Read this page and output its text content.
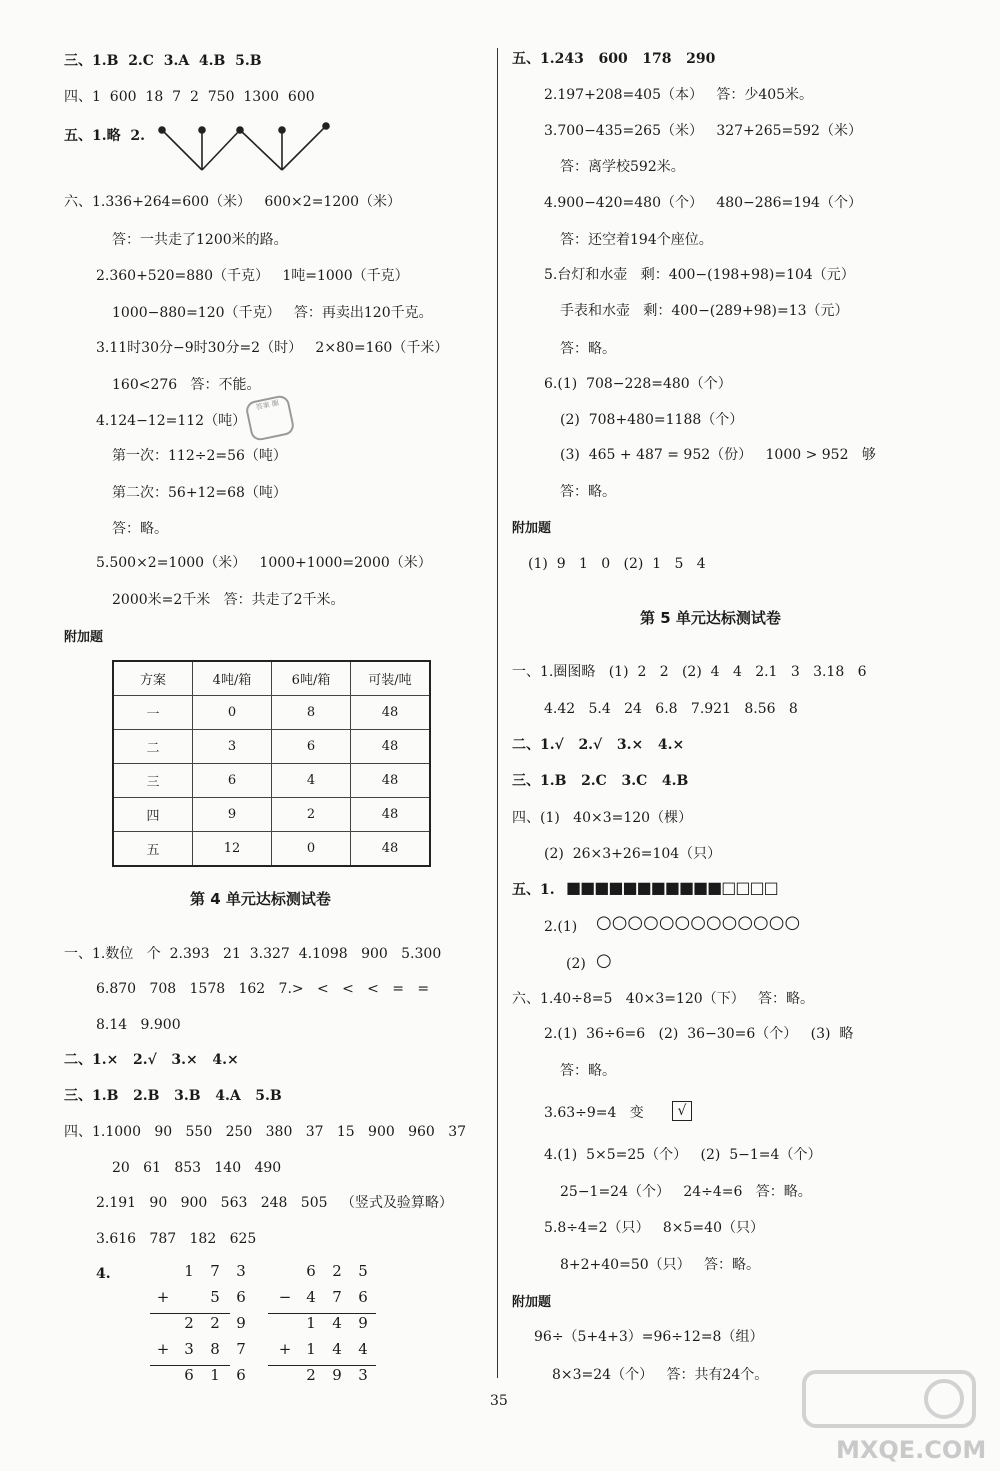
三、1.B  2.C  3.A  4.B  5.B
四、1  600  18  7  2  750  1300  600
五、1.略  2.
六、1.336+264=600（米）   600×2=1200（米）
答：一共走了1200米的路。
2.360+520=880（千克）   1吨=1000（千克）
1000−880=120（千克）   答：再卖出120千克。
3.11时30分−9时30分=2（时）   2×80=160（千米）
160<276   答：不能。
4.124−12=112（吨）
答案 圈
第一次：112÷2=56（吨）
第二次：56+12=68（吨）
答：略。
5.500×2=1000（米）   1000+1000=2000（米）
2000米=2千米   答：共走了2千米。
附加题
方案	4吨/箱	6吨/箱	可装/吨
一	0	8	48
二	3	6	48
三	6	4	48
四	9	2	48
五	12	0	48
第 4 单元达标测试卷
一、1.数位   个  2.393   21  3.327  4.1098   900   5.300
6.870   708   1578   162   7.>   <   <   <   =   =
8.14   9.900
二、1.×   2.√   3.×   4.×
三、1.B   2.B   3.B   4.A   5.B
四、1.1000   90   550   250   380   37   15   900   960   37
20   61   853   140   490
2.191   90   900   563   248   505   （竖式及验算略）
3.616   787   182   625
4.	1 7 3
+	5 6
2 2 9
+ 3 8 7
6 1 6
6 2 5
− 4 7 6
1 4 9
+ 1 4 4
2 9 3
五、1.243   600   178   290
2.197+208=405（本）   答：少405米。
3.700−435=265（米）   327+265=592（米）
答：离学校592米。
4.900−420=480（个）   480−286=194（个）
答：还空着194个座位。
5.台灯和水壶   剩：400−(198+98)=104（元）
手表和水壶   剩：400−(289+98)=13（元）
答：略。
6.(1)  708−228=480（个）
(2)  708+480=1188（个）
(3)  465 + 487 = 952（份）   1000 > 952   够
答：略。
附加题
(1)  9   1   0   (2)  1   5   4
第 5 单元达标测试卷
一、1.圈图略   (1)  2   2   (2)  4   4   2.1   3   3.18   6
4.42   5.4   24   6.8   7.921   8.56   8
二、1.√   2.√   3.×   4.×
三、1.B   2.C   3.C   4.B
四、(1)   40×3=120（棵）
(2)  26×3+26=104（只）
五、1. ■■■■■■■■■■■□□□□
2.(1) ○○○○○○○○○○○○○
(2) ○
六、1.40÷8=5   40×3=120（下）   答：略。
2.(1)  36÷6=6   (2)  36−30=6（个）   (3)  略
答：略。
3.63÷9=4   变	√
4.(1)  5×5=25（个）   (2)  5−1=4（个）
25−1=24（个）   24÷4=6   答：略。
5.8÷4=2（只）   8×5=40（只）
8+2+40=50（只）   答：略。
附加题
96÷（5+4+3）=96÷12=8（组）
8×3=24（个）   答：共有24个。
35
MXQE.COM
